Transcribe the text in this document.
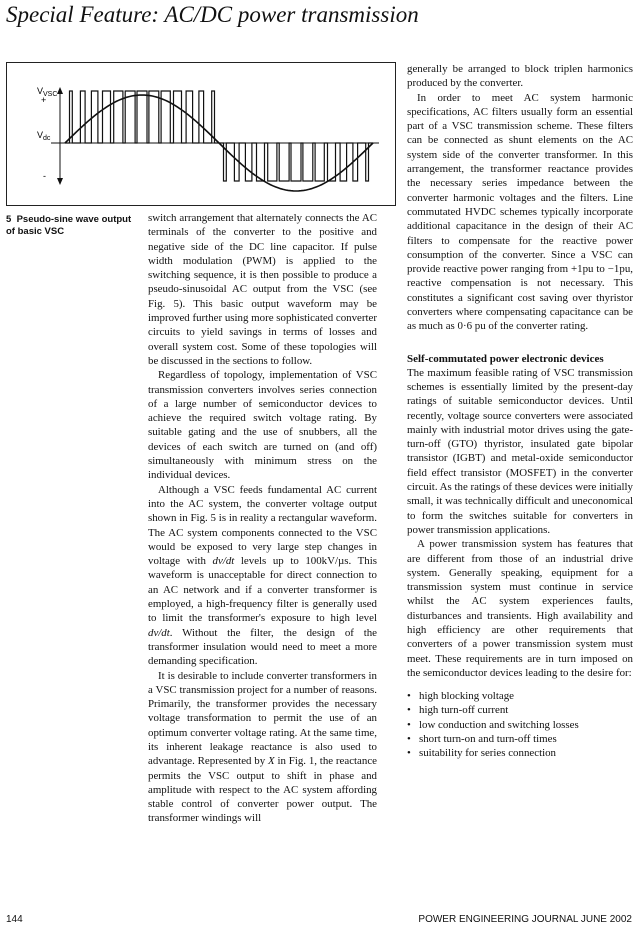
Special Feature: AC/DC power transmission
$V_{VSC}$
+
$V_{dc}$
-
5 Pseudo-sine wave output of basic VSC

switch arrangement that alternately connects the AC terminals of the converter to the positive and negative side of the DC line capacitor. If pulse width modulation (PWM) is applied to the switching sequence, it is then possible to produce a pseudo-sinusoidal AC output from the VSC (see Fig. 5). This basic output waveform may be improved further using more sophisticated converter circuits to yield savings in terms of losses and overall system cost. Some of these topologies will be discussed in the sections to follow.

Regardless of topology, implementation of VSC transmission converters involves series connection of a large number of semiconductor devices to achieve the required switch voltage rating. By suitable gating and the use of snubbers, all the devices of each switch are turned on (and off) simultaneously with minimum stress on the individual devices.

Although a VSC feeds fundamental AC current into the AC system, the converter voltage output shown in Fig. 5 is in reality a rectangular waveform. The AC system components connected to the VSC would be exposed to very large step changes in voltage with dv/dt levels up to 100kV/µs. This waveform is unacceptable for direct connection to an AC network and if a converter transformer is employed, a high-frequency filter is generally used to limit the transformer's exposure to high level dv/dt. Without the filter, the design of the transformer insulation would need to meet a more demanding specification.

It is desirable to include converter transformers in a VSC transmission project for a number of reasons. Primarily, the transformer provides the necessary voltage transformation to permit the use of an optimum converter voltage rating. At the same time, its inherent leakage reactance is also used to advantage. Represented by X in Fig. 1, the reactance permits the VSC output to shift in phase and amplitude with respect to the AC system affording stable control of converter power output. The transformer windings will

generally be arranged to block triplen harmonics produced by the converter.

In order to meet AC system harmonic specifications, AC filters usually form an essential part of a VSC transmission scheme. These filters can be connected as shunt elements on the AC system side of the converter transformer. In this arrangement, the transformer reactance provides the necessary series impedance between the converter harmonic voltages and the filters. Line commutated HVDC schemes typically incorporate additional capacitance in the design of their AC filters to compensate for the reactive power consumption of the converter. Since a VSC can provide reactive power ranging from +1pu to −1pu, reactive compensation is not necessary. This constitutes a significant cost saving over thyristor converters where compensating capacitance can be as much as 0·6 pu of the converter rating.

Self-commutated power electronic devices

The maximum feasible rating of VSC transmission schemes is essentially limited by the present-day ratings of suitable semiconductor devices. Until recently, voltage source converters were associated mainly with industrial motor drives using the gate-turn-off (GTO) thyristor, insulated gate bipolar transistor (IGBT) and metal-oxide semiconductor field effect transistor (MOSFET) in the converter circuit. As the ratings of these devices were initially small, it was technically difficult and uneconomical to form the switches suitable for converters in power transmission applications.

A power transmission system has features that are different from those of an industrial drive system. Generally speaking, equipment for a transmission system must continue in service whilst the AC system experiences faults, disturbances and transients. High availability and high efficiency are other requirements that converters of a power transmission system must meet. These requirements are in turn imposed on the semiconductor devices leading to the desire for:

• high blocking voltage
• high turn-off current
• low conduction and switching losses
• short turn-on and turn-off times
• suitability for series connection
144	POWER ENGINEERING JOURNAL JUNE 2002
